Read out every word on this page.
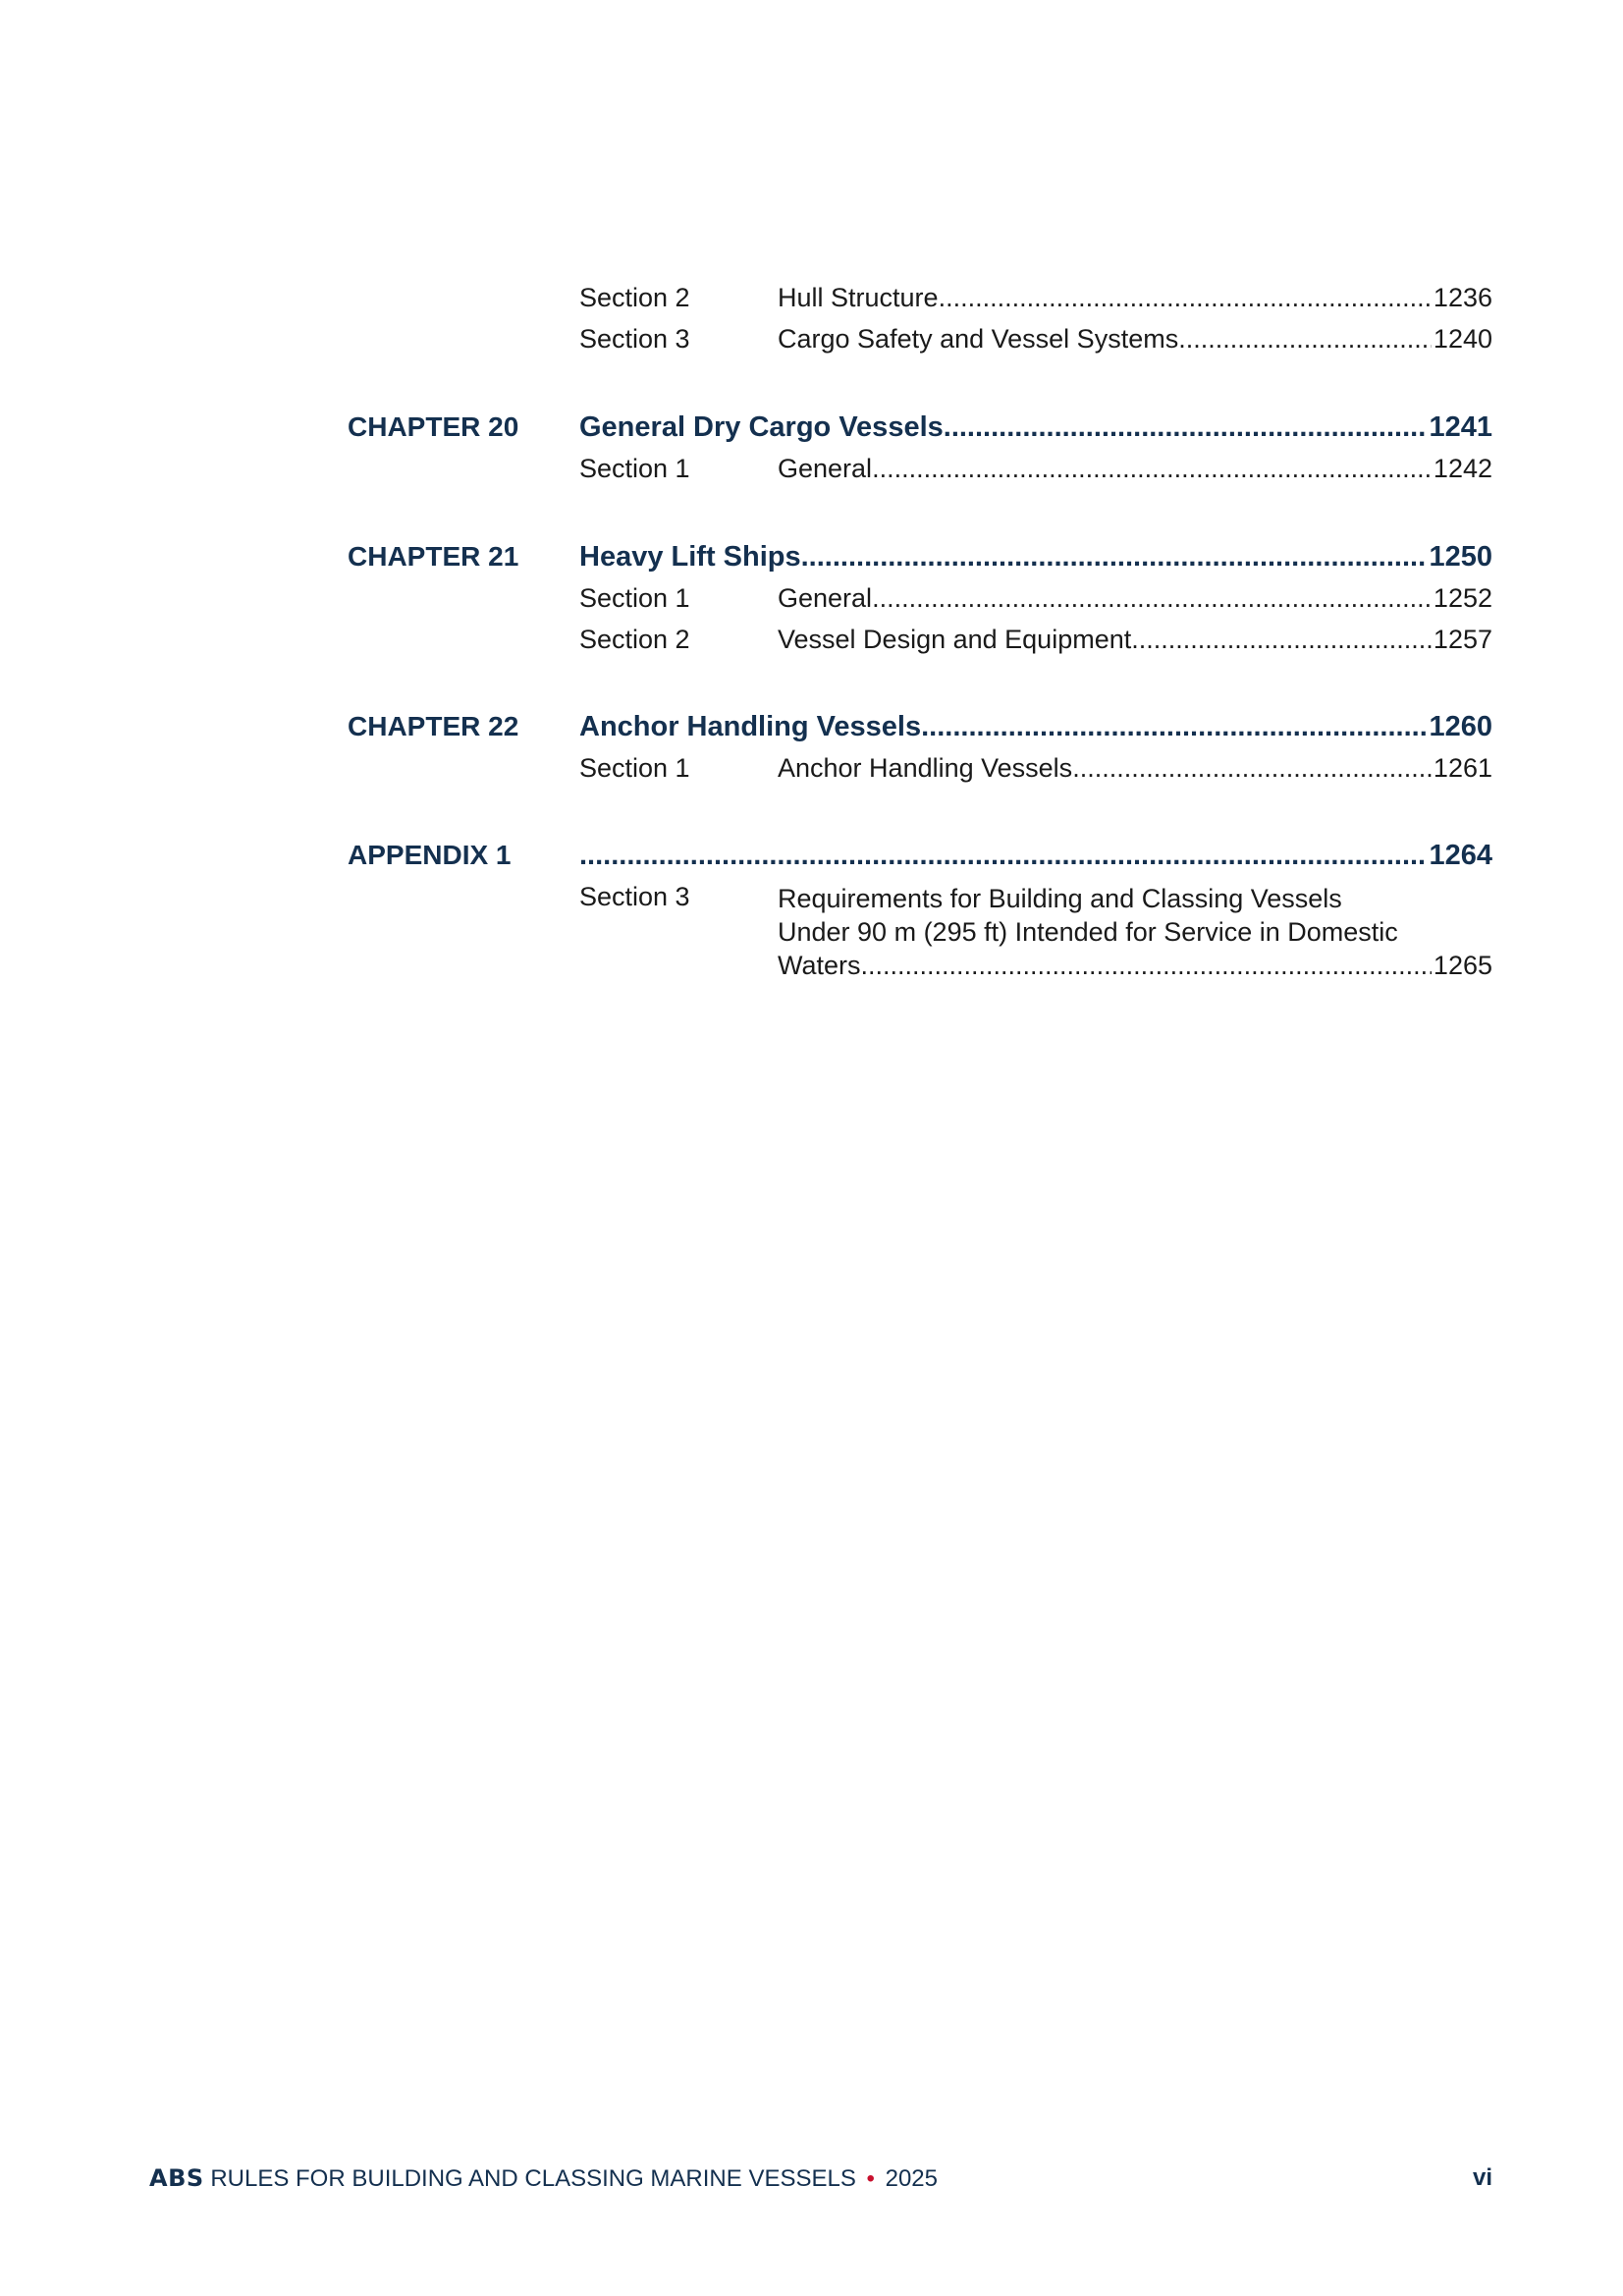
Section 2	Hull Structure .....	1236
Section 3	Cargo Safety and Vessel Systems .....	1240
CHAPTER 20 General Dry Cargo Vessels .....	1241
Section 1	General .....	1242
CHAPTER 21 Heavy Lift Ships .....	1250
Section 1	General .....	1252
Section 2	Vessel Design and Equipment .....	1257
CHAPTER 22 Anchor Handling Vessels .....	1260
Section 1	Anchor Handling Vessels .....	1261
APPENDIX 1 .....	1264
Section 3	Requirements for Building and Classing Vessels
Under 90 m (295 ft) Intended for Service in Domestic
Waters .....	1265
ABS RULES FOR BUILDING AND CLASSING MARINE VESSELS • 2025	vi
